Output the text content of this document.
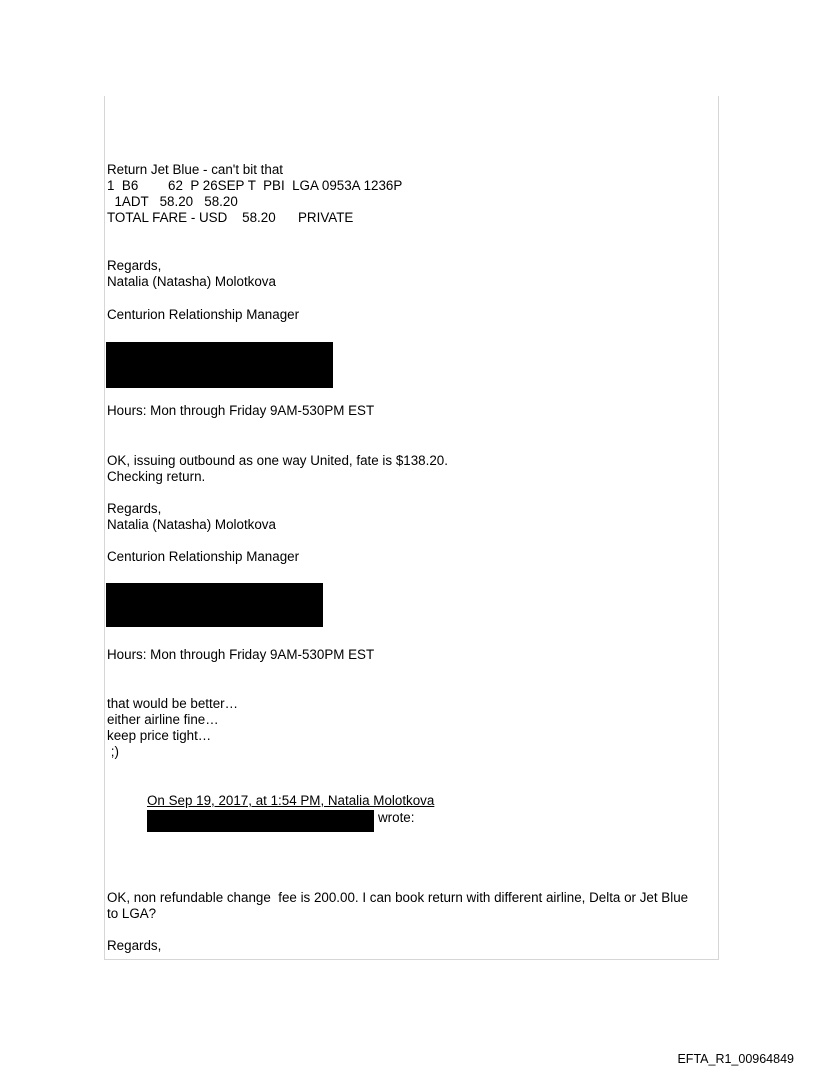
Return Jet Blue - can't bit that
1  B6        62  P 26SEP T  PBI  LGA 0953A 1236P
1ADT   58.20   58.20
TOTAL FARE - USD    58.20      PRIVATE
Regards,
Natalia (Natasha) Molotkova
Centurion Relationship Manager
Hours: Mon through Friday 9AM-530PM EST
OK, issuing outbound as one way United, fate is $138.20.
Checking return.
Regards,
Natalia (Natasha) Molotkova
Centurion Relationship Manager
Hours: Mon through Friday 9AM-530PM EST
that would be better…
either airline fine…
keep price tight…
;)
On Sep 19, 2017, at 1:54 PM, Natalia Molotkova
wrote:
OK, non refundable change  fee is 200.00. I can book return with different airline, Delta or Jet Blue
to LGA?
Regards,
EFTA_R1_00964849
